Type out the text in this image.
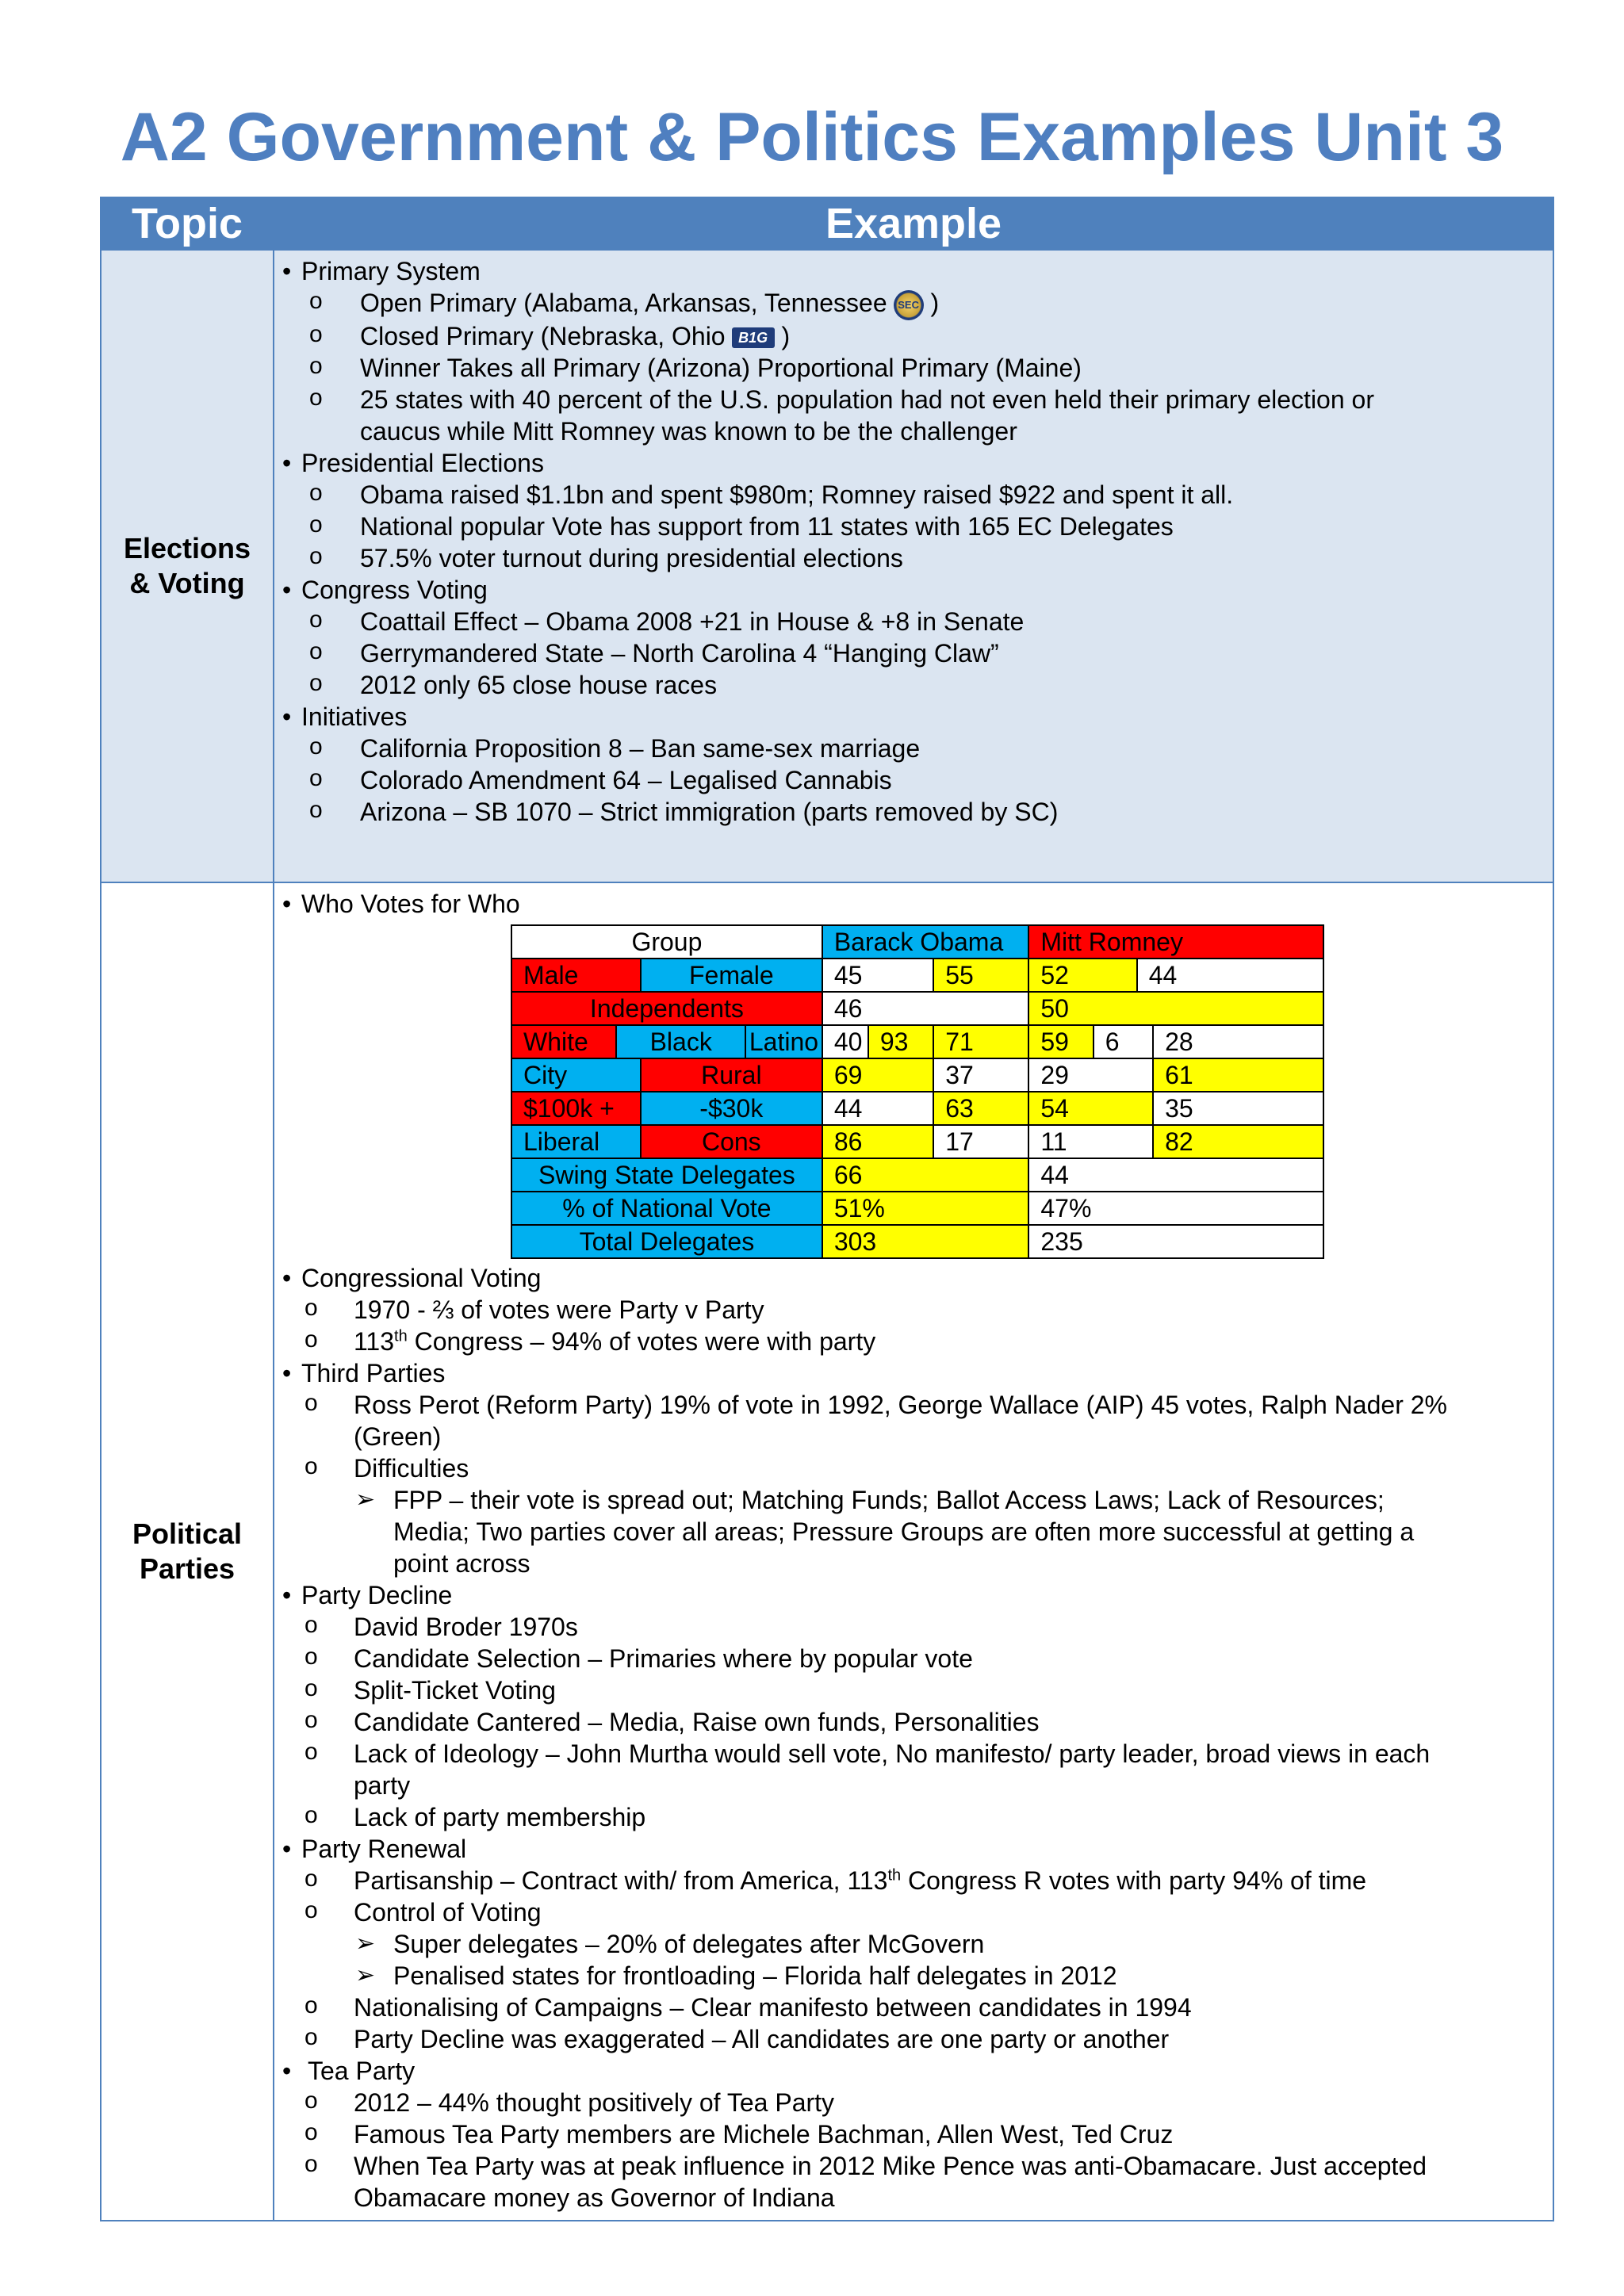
A2 Government & Politics Examples Unit 3
Topic	Example
Elections
& Voting	
• Primary System
o Open Primary (Alabama, Arkansas, Tennessee SEC )
o Closed Primary (Nebraska, Ohio B1G )
o Winner Takes all Primary (Arizona) Proportional Primary (Maine)
o 25 states with 40 percent of the U.S. population had not even held their primary election or
caucus while Mitt Romney was known to be the challenger
• Presidential Elections
o Obama raised $1.1bn and spent $980m; Romney raised $922 and spent it all.
o National popular Vote has support from 11 states with 165 EC Delegates
o 57.5% voter turnout during presidential elections
• Congress Voting
o Coattail Effect – Obama 2008 +21 in House & +8 in Senate
o Gerrymandered State – North Carolina 4 “Hanging Claw”
o 2012 only 65 close house races
• Initiatives
o California Proposition 8 – Ban same-sex marriage
o Colorado Amendment 64 – Legalised Cannabis
o Arizona – SB 1070 – Strict immigration (parts removed by SC)

Political
Parties	
• Who Votes for Who
Group	Barack Obama	Mitt Romney
Male	Female	45	55	52	44
Independents	46	50
White	Black	Latino	40	93	71	59	6	28
City	Rural	69	37	29	61
$100k +	-$30k	44	63	54	35
Liberal	Cons	86	17	11	82
Swing State Delegates	66	44
% of National Vote	51%	47%
Total Delegates	303	235
• Congressional Voting
o 1970 - ⅔ of votes were Party v Party
o 113th Congress – 94% of votes were with party
• Third Parties
o Ross Perot (Reform Party) 19% of vote in 1992, George Wallace (AIP) 45 votes, Ralph Nader 2%
(Green)
o Difficulties
➢ FPP – their vote is spread out; Matching Funds; Ballot Access Laws; Lack of Resources;
Media; Two parties cover all areas; Pressure Groups are often more successful at getting a
point across
• Party Decline
o David Broder 1970s
o Candidate Selection – Primaries where by popular vote
o Split-Ticket Voting
o Candidate Cantered – Media, Raise own funds, Personalities
o Lack of Ideology – John Murtha would sell vote, No manifesto/ party leader, broad views in each
party
o Lack of party membership
• Party Renewal
o Partisanship – Contract with/ from America, 113th Congress R votes with party 94% of time
o Control of Voting
➢ Super delegates – 20% of delegates after McGovern
➢ Penalised states for frontloading – Florida half delegates in 2012
o Nationalising of Campaigns – Clear manifesto between candidates in 1994
o Party Decline was exaggerated – All candidates are one party or another
• Tea Party
o 2012 – 44% thought positively of Tea Party
o Famous Tea Party members are Michele Bachman, Allen West, Ted Cruz
o When Tea Party was at peak influence in 2012 Mike Pence was anti-Obamacare. Just accepted
Obamacare money as Governor of Indiana
